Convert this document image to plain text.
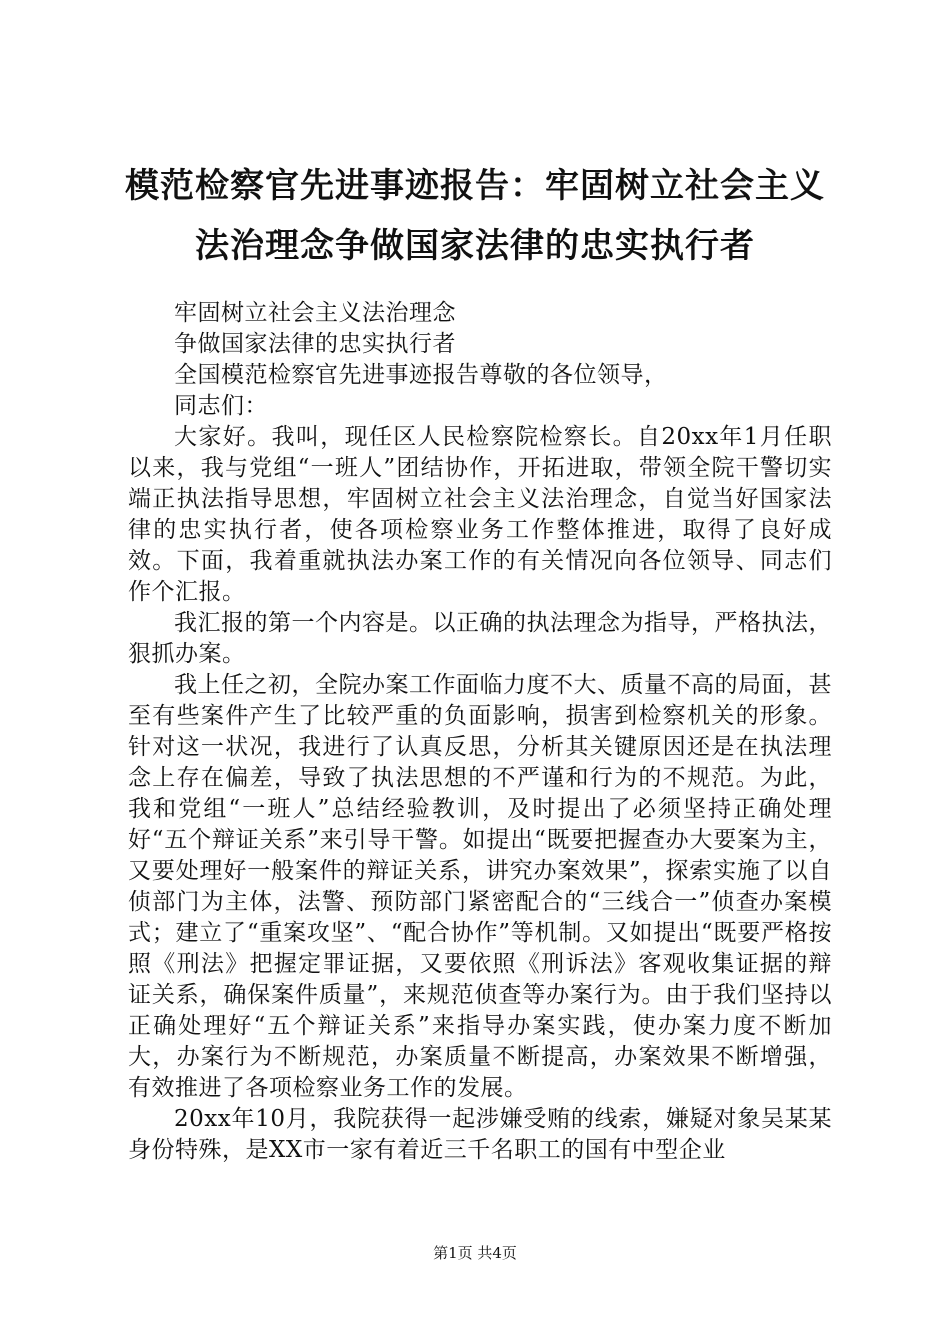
模范检察官先进事迹报告：牢固树立社会主义
法治理念争做国家法律的忠实执行者

牢固树立社会主义法治理念

争做国家法律的忠实执行者

全国模范检察官先进事迹报告尊敬的各位领导，

同志们：

大家好。我叫，现任区人民检察院检察长。自20xx年1月任职以来，我与党组“一班人”团结协作，开拓进取，带领全院干警切实端正执法指导思想，牢固树立社会主义法治理念，自觉当好国家法律的忠实执行者，使各项检察业务工作整体推进，取得了良好成效。下面，我着重就执法办案工作的有关情况向各位领导、同志们作个汇报。

我汇报的第一个内容是。以正确的执法理念为指导，严格执法，狠抓办案。

我上任之初，全院办案工作面临力度不大、质量不高的局面，甚至有些案件产生了比较严重的负面影响，损害到检察机关的形象。针对这一状况，我进行了认真反思，分析其关键原因还是在执法理念上存在偏差，导致了执法思想的不严谨和行为的不规范。为此，我和党组“一班人”总结经验教训，及时提出了必须坚持正确处理好“五个辩证关系”来引导干警。如提出“既要把握查办大要案为主，又要处理好一般案件的辩证关系，讲究办案效果”，探索实施了以自侦部门为主体，法警、预防部门紧密配合的“三线合一”侦查办案模式；建立了“重案攻坚”、“配合协作”等机制。又如提出“既要严格按照《刑法》把握定罪证据，又要依照《刑诉法》客观收集证据的辩证关系，确保案件质量”，来规范侦查等办案行为。由于我们坚持以正确处理好“五个辩证关系”来指导办案实践，使办案力度不断加大，办案行为不断规范，办案质量不断提高，办案效果不断增强，有效推进了各项检察业务工作的发展。

20xx年10月，我院获得一起涉嫌受贿的线索，嫌疑对象吴某某身份特殊，是XX市一家有着近三千名职工的国有中型企业

第1页 共4页
